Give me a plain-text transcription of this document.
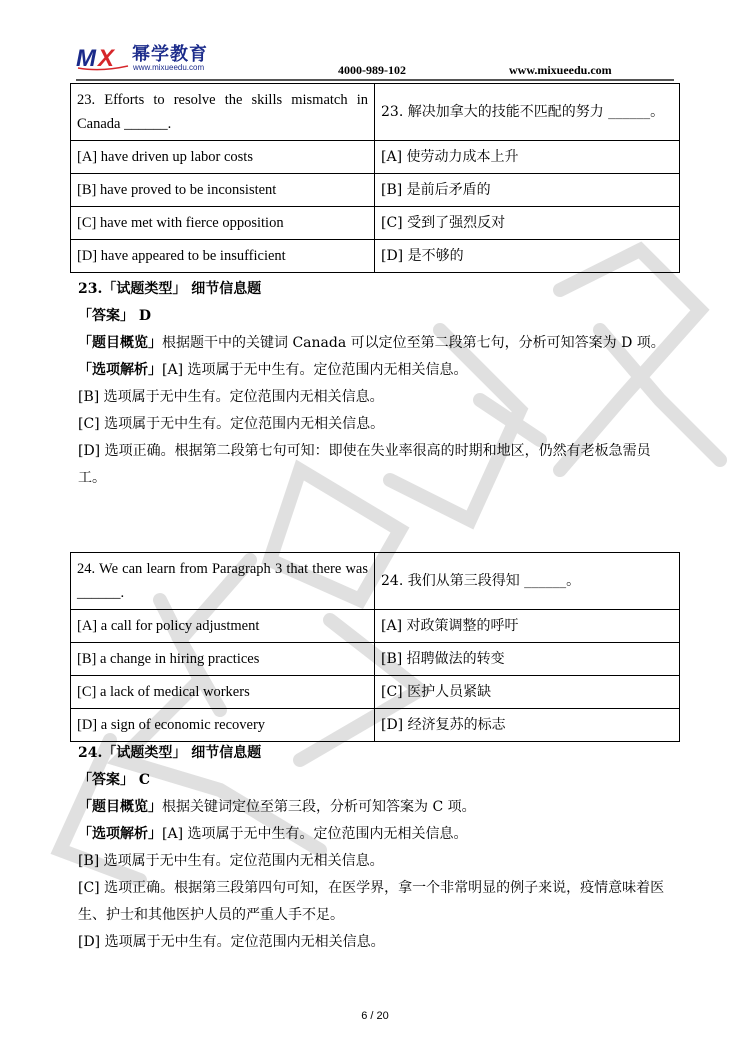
M X 幂学教育
www.mixueedu.com	4000-989-102	www.mixueedu.com
23. Efforts to resolve the skills mismatch in Canada ______.	23. 解决加拿大的技能不匹配的努力 ______。
[A] have driven up labor costs	[A] 使劳动力成本上升
[B] have proved to be inconsistent	[B] 是前后矛盾的
[C] have met with fierce opposition	[C] 受到了强烈反对
[D] have appeared to be insufficient	[D] 是不够的

23.「试题类型」 细节信息题

「答案」 D

「题目概览」根据题干中的关键词 Canada 可以定位至第二段第七句，分析可知答案为 D 项。

「选项解析」[A] 选项属于无中生有。定位范围内无相关信息。

[B] 选项属于无中生有。定位范围内无相关信息。

[C] 选项属于无中生有。定位范围内无相关信息。

[D] 选项正确。根据第二段第七句可知：即使在失业率很高的时期和地区，仍然有老板急需员工。

24. We can learn from Paragraph 3 that there was ______.	24. 我们从第三段得知 ______。
[A] a call for policy adjustment	[A] 对政策调整的呼吁
[B] a change in hiring practices	[B] 招聘做法的转变
[C] a lack of medical workers	[C] 医护人员紧缺
[D] a sign of economic recovery	[D] 经济复苏的标志

24.「试题类型」 细节信息题

「答案」 C

「题目概览」根据关键词定位至第三段，分析可知答案为 C 项。

「选项解析」[A] 选项属于无中生有。定位范围内无相关信息。

[B] 选项属于无中生有。定位范围内无相关信息。

[C] 选项正确。根据第三段第四句可知，在医学界，拿一个非常明显的例子来说，疫情意味着医生、护士和其他医护人员的严重人手不足。

[D] 选项属于无中生有。定位范围内无相关信息。

6 / 20
